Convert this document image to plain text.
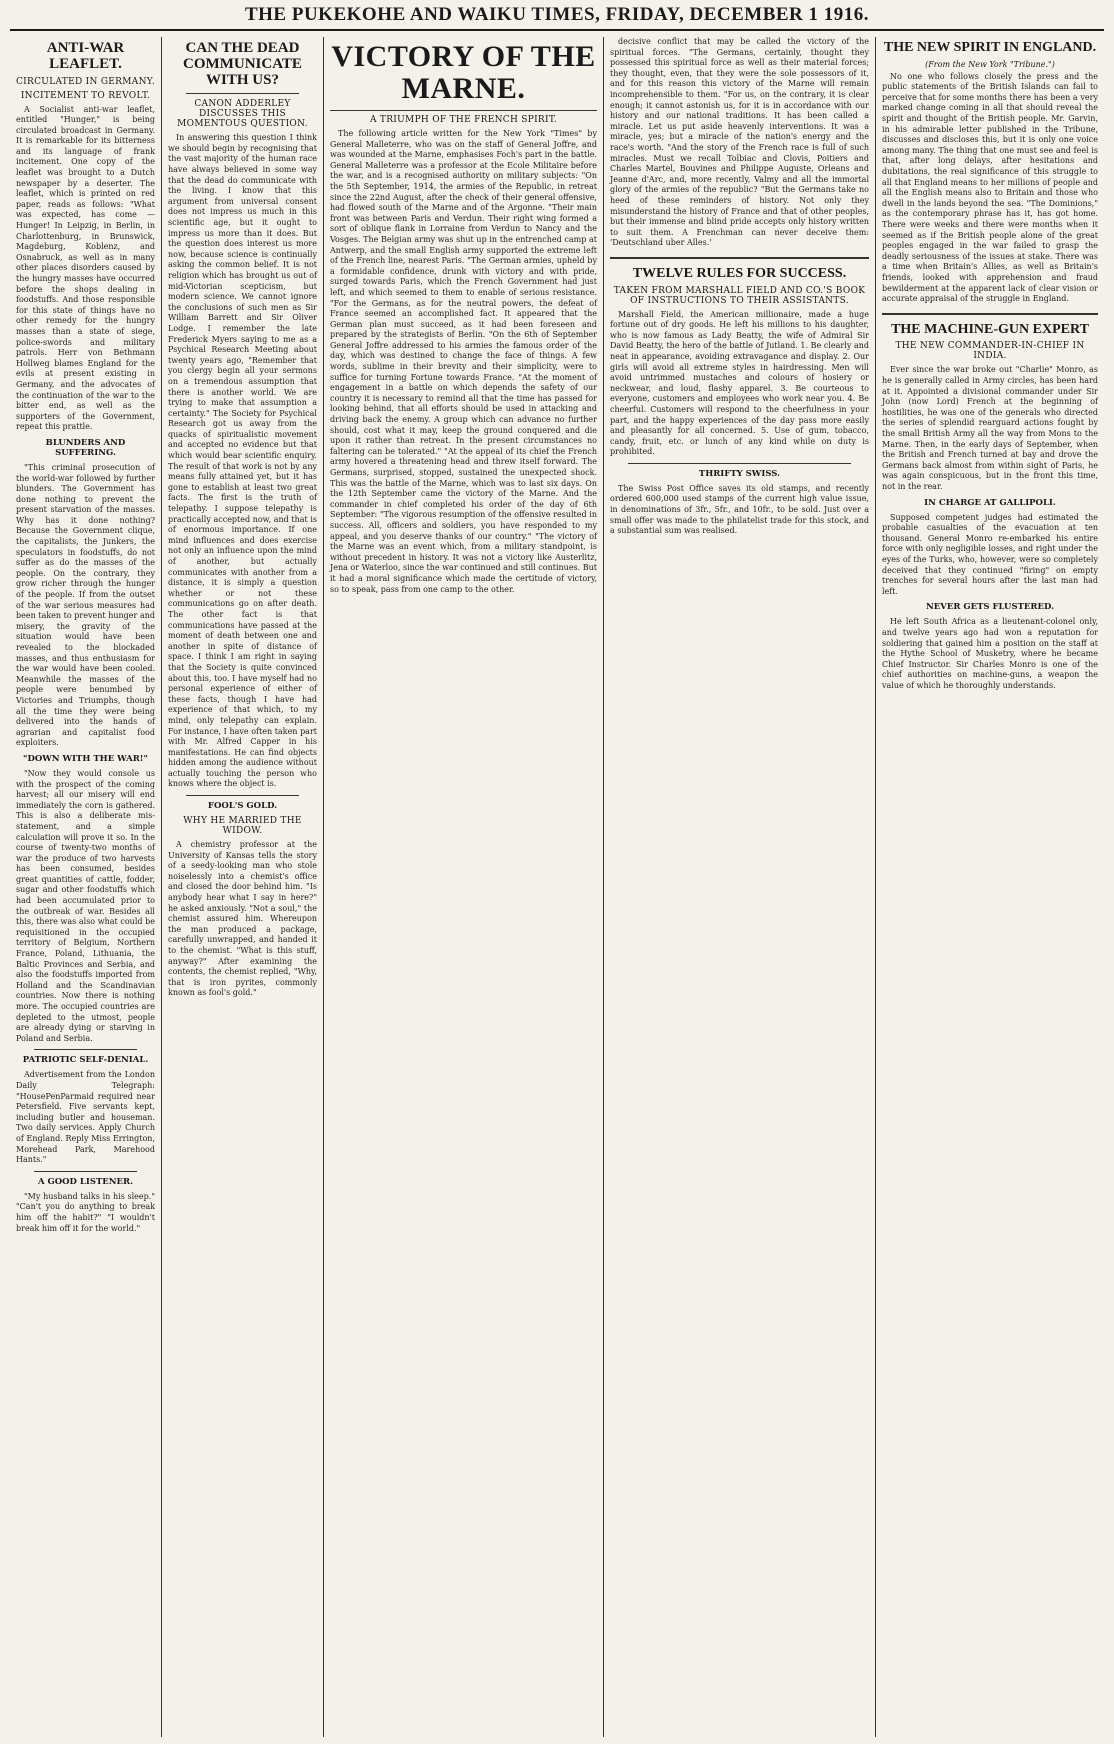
THE PUKEKOHE AND WAIKU TIMES, FRIDAY, DECEMBER 1 1916.
ANTI-WAR LEAFLET.
CIRCULATED IN GERMANY.
INCITEMENT TO REVOLT.

A Socialist anti-war leaflet, entitled "Hunger," is being circulated broadcast in Germany. It is remarkable for its bitterness and its language of frank incitement. One copy of the leaflet was brought to a Dutch newspaper by a deserter. The leaflet, which is printed on red paper, reads as follows: "What was expected, has come — Hunger! In Leipzig, in Berlin, in Charlottenburg, in Brunswick, Magdeburg, Koblenz, and Osnabruck, as well as in many other places disorders caused by the hungry masses have occurred before the shops dealing in foodstuffs. And those responsible for this state of things have no other remedy for the hungry masses than a state of siege, police-swords and military patrols. Herr von Bethmann Hollweg blames England for the evils at present existing in Germany, and the advocates of the continuation of the war to the bitter end, as well as the supporters of the Government, repeat this prattle.

BLUNDERS AND SUFFERING.

"This criminal prosecution of the world-war followed by further blunders. The Government has done nothing to prevent the present starvation of the masses. Why has it done nothing? Because the Government clique, the capitalists, the Junkers, the speculators in foodstuffs, do not suffer as do the masses of the people. On the contrary, they grow richer through the hunger of the people. If from the outset of the war serious measures had been taken to prevent hunger and misery, the gravity of the situation would have been revealed to the blockaded masses, and thus enthusiasm for the war would have been cooled. Meanwhile the masses of the people were benumbed by Victories and Triumphs, though all the time they were being delivered into the hands of agrarian and capitalist food exploiters.

"DOWN WITH THE WAR!"

"Now they would console us with the prospect of the coming harvest; all our misery will end immediately the corn is gathered. This is also a deliberate mis-statement, and a simple calculation will prove it so. In the course of twenty-two months of war the produce of two harvests has been consumed, besides great quantities of cattle, fodder, sugar and other foodstuffs which had been accumulated prior to the outbreak of war. Besides all this, there was also what could be requisitioned in the occupied territory of Belgium, Northern France, Poland, Lithuania, the Baltic Provinces and Serbia, and also the foodstuffs imported from Holland and the Scandinavian countries. Now there is nothing more. The occupied countries are depleted to the utmost, people are already dying or starving in Poland and Serbia.

PATRIOTIC SELF-DENIAL.

Advertisement from the London Daily Telegraph: "HousePenParmaid required near Petersfield. Five servants kept, including butler and houseman. Two daily services. Apply Church of England. Reply Miss Errington, Morehead Park, Marehood Hants."

A GOOD LISTENER.

"My husband talks in his sleep." "Can't you do anything to break him off the habit?" "I wouldn't break him off it for the world."

CAN THE DEAD COMMUNICATE WITH US?
CANON ADDERLEY DISCUSSES THIS MOMENTOUS QUESTION.

In answering this question I think we should begin by recognising that the vast majority of the human race have always believed in some way that the dead do communicate with the living. I know that this argument from universal consent does not impress us much in this scientific age, but it ought to impress us more than it does. But the question does interest us more now, because science is continually asking the common belief. It is not religion which has brought us out of mid-Victorian scepticism, but modern science. We cannot ignore the conclusions of such men as Sir William Barrett and Sir Oliver Lodge. I remember the late Frederick Myers saying to me as a Psychical Research Meeting about twenty years ago, "Remember that you clergy begin all your sermons on a tremendous assumption that there is another world. We are trying to make that assumption a certainty." The Society for Psychical Research got us away from the quacks of spiritualistic movement and accepted no evidence but that which would bear scientific enquiry. The result of that work is not by any means fully attained yet, but it has gone to establish at least two great facts. The first is the truth of telepathy. I suppose telepathy is practically accepted now, and that is of enormous importance. If one mind influences and does exercise not only an influence upon the mind of another, but actually communicates with another from a distance, it is simply a question whether or not these communications go on after death. The other fact is that communications have passed at the moment of death between one and another in spite of distance of space. I think I am right in saying that the Society is quite convinced about this, too. I have myself had no personal experience of either of these facts, though I have had experience of that which, to my mind, only telepathy can explain. For instance, I have often taken part with Mr. Alfred Capper in his manifestations. He can find objects hidden among the audience without actually touching the person who knows where the object is.

FOOL'S GOLD.
WHY HE MARRIED THE WIDOW.

A chemistry professor at the University of Kansas tells the story of a seedy-looking man who stole noiselessly into a chemist's office and closed the door behind him. "Is anybody hear what I say in here?" he asked anxiously. "Not a soul," the chemist assured him. Whereupon the man produced a package, carefully unwrapped, and handed it to the chemist. "What is this stuff, anyway?" After examining the contents, the chemist replied, "Why, that is iron pyrites, commonly known as fool's gold."

VICTORY OF THE MARNE.
A TRIUMPH OF THE FRENCH SPIRIT.

The following article written for the New York "Times" by General Malleterre, who was on the staff of General Joffre, and was wounded at the Marne, emphasises Foch's part in the battle. General Malleterre was a professor at the Ecole Militaire before the war, and is a recognised authority on military subjects: "On the 5th September, 1914, the armies of the Republic, in retreat since the 22nd August, after the check of their general offensive, had flowed south of the Marne and of the Argonne. "Their main front was between Paris and Verdun. Their right wing formed a sort of oblique flank in Lorraine from Verdun to Nancy and the Vosges. The Belgian army was shut up in the entrenched camp at Antwerp, and the small English army supported the extreme left of the French line, nearest Paris. "The German armies, upheld by a formidable confidence, drunk with victory and with pride, surged towards Paris, which the French Government had just left, and which seemed to them to enable of serious resistance. "For the Germans, as for the neutral powers, the defeat of France seemed an accomplished fact. It appeared that the German plan must succeed, as it had been foreseen and prepared by the strategists of Berlin. "On the 6th of September General Joffre addressed to his armies the famous order of the day, which was destined to change the face of things. A few words, sublime in their brevity and their simplicity, were to suffice for turning Fortune towards France. "At the moment of engagement in a battle on which depends the safety of our country it is necessary to remind all that the time has passed for looking behind, that all efforts should be used in attacking and driving back the enemy. A group which can advance no further should, cost what it may, keep the ground conquered and die upon it rather than retreat. In the present circumstances no faltering can be tolerated." "At the appeal of its chief the French army hovered a threatening head and threw itself forward. The Germans, surprised, stopped, sustained the unexpected shock. This was the battle of the Marne, which was to last six days. On the 12th September came the victory of the Marne. And the commander in chief completed his order of the day of 6th September: "The vigorous resumption of the offensive resulted in success. All, officers and soldiers, you have responded to my appeal, and you deserve thanks of our country." "The victory of the Marne was an event which, from a military standpoint, is without precedent in history. It was not a victory like Austerlitz, Jena or Waterloo, since the war continued and still continues. But it had a moral significance which made the certitude of victory, so to speak, pass from one camp to the other.

decisive conflict that may be called the victory of the spiritual forces. "The Germans, certainly, thought they possessed this spiritual force as well as their material forces; they thought, even, that they were the sole possessors of it, and for this reason this victory of the Marne will remain incomprehensible to them. "For us, on the contrary, it is clear enough; it cannot astonish us, for it is in accordance with our history and our national traditions. It has been called a miracle. Let us put aside heavenly interventions. It was a miracle, yes; but a miracle of the nation's energy and the race's worth. "And the story of the French race is full of such miracles. Must we recall Tolbiac and Clovis, Poitiers and Charles Martel, Bouvines and Philippe Auguste, Orleans and Jeanne d'Arc, and, more recently, Valmy and all the immortal glory of the armies of the republic? "But the Germans take no heed of these reminders of history. Not only they misunderstand the history of France and that of other peoples, but their immense and blind pride accepts only history written to suit them. A Frenchman can never deceive them: 'Deutschland uber Alles.'

TWELVE RULES FOR SUCCESS.
TAKEN FROM MARSHALL FIELD AND CO.'S BOOK OF INSTRUCTIONS TO THEIR ASSISTANTS.

Marshall Field, the American millionaire, made a huge fortune out of dry goods. He left his millions to his daughter, who is now famous as Lady Beatty, the wife of Admiral Sir David Beatty, the hero of the battle of Jutland. 1. Be clearly and neat in appearance, avoiding extravagance and display. 2. Our girls will avoid all extreme styles in hairdressing. Men will avoid untrimmed mustaches and colours of hosiery or neckwear, and loud, flashy apparel. 3. Be courteous to everyone, customers and employees who work near you. 4. Be cheerful. Customers will respond to the cheerfulness in your part, and the happy experiences of the day pass more easily and pleasantly for all concerned. 5. Use of gum, tobacco, candy, fruit, etc. or lunch of any kind while on duty is prohibited.

THRIFTY SWISS.

The Swiss Post Office saves its old stamps, and recently ordered 600,000 used stamps of the current high value issue, in denominations of 3fr., 5fr., and 10fr., to be sold. Just over a small offer was made to the philatelist trade for this stock, and a substantial sum was realised.

THE NEW SPIRIT IN ENGLAND.
(From the New York "Tribune.")

No one who follows closely the press and the public statements of the British Islands can fail to perceive that for some months there has been a very marked change coming in all that should reveal the spirit and thought of the British people. Mr. Garvin, in his admirable letter published in the Tribune, discusses and discloses this, but it is only one voice among many. The thing that one must see and feel is that, after long delays, after hesitations and dubitations, the real significance of this struggle to all that England means to her millions of people and all the English means also to Britain and those who dwell in the lands beyond the sea. "The Dominions," as the contemporary phrase has it, has got home. There were weeks and there were months when it seemed as if the British people alone of the great peoples engaged in the war failed to grasp the deadly seriousness of the issues at stake. There was a time when Britain's Allies, as well as Britain's friends, looked with apprehension and fraud bewilderment at the apparent lack of clear vision or accurate appraisal of the struggle in England.

THE MACHINE-GUN EXPERT
THE NEW COMMANDER-IN-CHIEF IN INDIA.

Ever since the war broke out "Charlie" Monro, as he is generally called in Army circles, has been hard at it. Appointed a divisional commander under Sir John (now Lord) French at the beginning of hostilities, he was one of the generals who directed the series of splendid rearguard actions fought by the small British Army all the way from Mons to the Marne. Then, in the early days of September, when the British and French turned at bay and drove the Germans back almost from within sight of Paris, he was again conspicuous, but in the front this time, not in the rear.

IN CHARGE AT GALLIPOLI.

Supposed competent judges had estimated the probable casualties of the evacuation at ten thousand. General Monro re-embarked his entire force with only negligible losses, and right under the eyes of the Turks, who, however, were so completely deceived that they continued "firing" on empty trenches for several hours after the last man had left.

NEVER GETS FLUSTERED.

He left South Africa as a lieutenant-colonel only, and twelve years ago had won a reputation for soldiering that gained him a position on the staff at the Hythe School of Musketry, where he became Chief Instructor. Sir Charles Monro is one of the chief authorities on machine-guns, a weapon the value of which he thoroughly understands.
